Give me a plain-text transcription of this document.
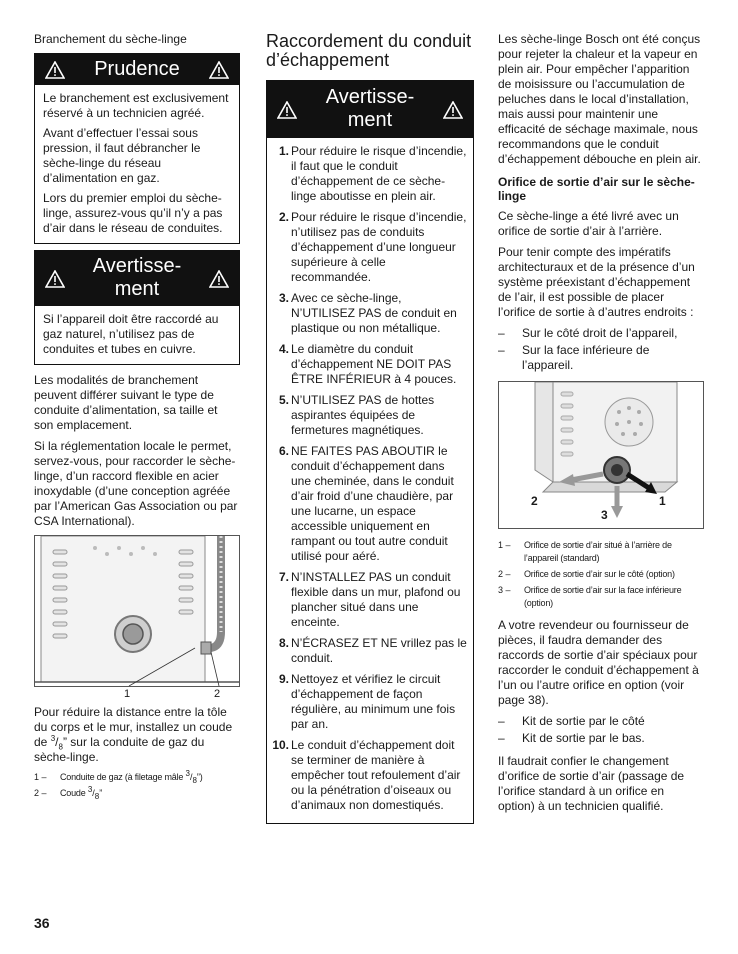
Branchement du sèche-linge

Prudence

Le branchement est exclusivement réservé à un technicien agréé.

Avant d’effectuer l’essai sous pression, il faut débrancher le sèche-linge du réseau d’alimentation en gaz.

Lors du premier emploi du sèche-linge, assurez-vous qu’il n’y a pas d’air dans le réseau de conduites.

Avertisse-
ment

Si l’appareil doit être raccordé au gaz naturel, n’utilisez pas de conduites et tubes en cuivre.

Les modalités de branchement peuvent différer suivant le type de conduite d’alimentation, sa taille et son emplacement.

Si la réglementation locale le permet, servez-vous, pour raccorder le sèche-linge, d’un raccord flexible en acier inoxydable (d’une conception agréée par l’American Gas Association ou par CSA International).

1	2

Pour réduire la distance entre la tôle du corps et le mur, installez un coude de $^3/_8$” sur la conduite de gaz du sèche-linge.

1 – Conduite de gaz (à filetage mâle $^3/_8$”)
2 – Coude $^3/_8$”
Raccordement du conduit d’échappement
Avertisse-
ment
1. Pour réduire le risque d’incendie, il faut que le conduit d’échappement de ce sèche-linge aboutisse en plein air.
2. Pour réduire le risque d’incendie, n’utilisez pas de conduits d’échappement d’une longueur supérieure à celle recommandée.
3. Avec ce sèche-linge, N’UTILISEZ PAS de conduit en plastique ou non métallique.
4. Le diamètre du conduit d’échappement NE DOIT PAS ÊTRE INFÉRIEUR à 4 pouces.
5. N’UTILISEZ PAS de hottes aspirantes équipées de fermetures magnétiques.
6. NE FAITES PAS ABOUTIR le conduit d’échappement dans une cheminée, dans le conduit d’air froid d’une chaudière, par une lucarne, un espace accessible uniquement en rampant ou tout autre conduit utilisé pour aéré.
7. N’INSTALLEZ PAS un conduit flexible dans un mur, plafond ou plancher situé dans une enceinte.
8. N’ÉCRASEZ ET NE vrillez pas le conduit.
9. Nettoyez et vérifiez le circuit d’échappement de façon régulière, au minimum une fois par an.
10. Le conduit d’échappement doit se terminer de manière à empêcher tout refoulement d’air ou la pénétration d’oiseaux ou d’animaux non domestiqués.

Les sèche-linge Bosch ont été conçus pour rejeter la chaleur et la vapeur en plein air. Pour empêcher l’apparition de moisissure ou l’accumulation de peluches dans le local d’installation, mais aussi pour maintenir une efficacité de séchage maximale, nous recommandons que le conduit d’échappement débouche en plein air.

Orifice de sortie d’air sur le sèche-linge

Ce sèche-linge a été livré avec un orifice de sortie d’air à l’arrière.

Pour tenir compte des impératifs architecturaux et de la présence d’un système préexistant d’échappement de l’air, il est possible de placer l’orifice de sortie à d’autres endroits :

– Sur le côté droit de l’appareil,
– Sur la face inférieure de l’appareil.
2	1
3
1 – Orifice de sortie d’air situé à l’arrière de l’appareil (standard)
2 – Orifice de sortie d’air sur le côté (option)
3 – Orifice de sortie d’air sur la face inférieure (option)

A votre revendeur ou fournisseur de pièces, il faudra demander des raccords de sortie d’air spéciaux pour raccorder le conduit d’échappement à l’un ou l’autre orifice en option (voir page 38).

– Kit de sortie par le côté
– Kit de sortie par le bas.

Il faudrait confier le changement d’orifice de sortie d’air (passage de l’orifice standard à un orifice en option) à un technicien qualifié.

36
